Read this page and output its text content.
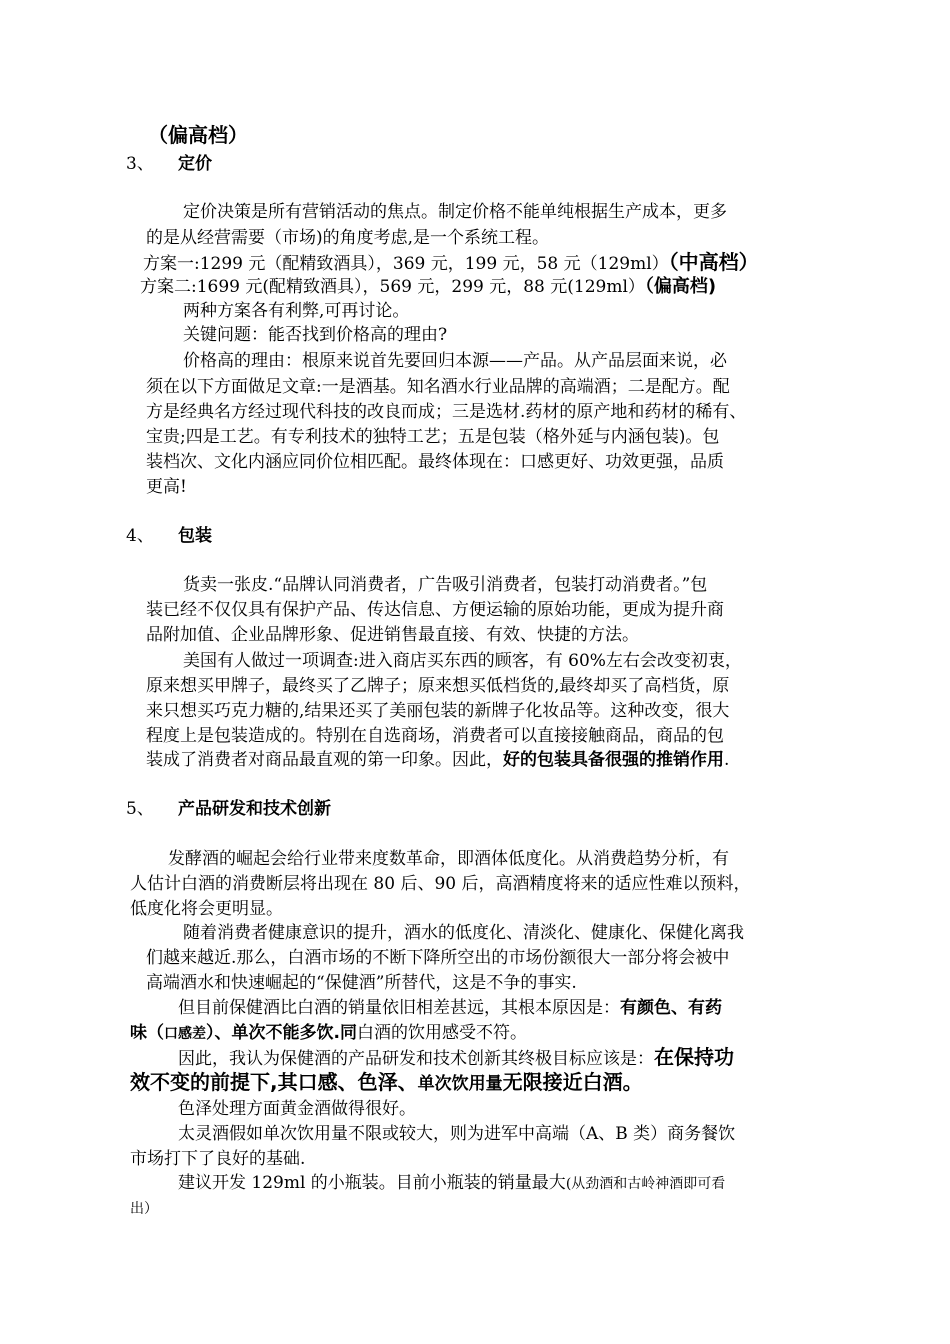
（偏高档）
3、 定价
定价决策是所有营销活动的焦点。制定价格不能单纯根据生产成本，更多
的是从经营需要（市场)的角度考虑,是一个系统工程。
方案一:1299 元（配精致酒具），369 元，199 元，58 元（129ml）（中高档）
方案二:1699 元(配精致酒具），569 元，299 元，88 元(129ml）（偏高档)
两种方案各有利弊,可再讨论。
关键问题：能否找到价格高的理由?
价格高的理由：根原来说首先要回归本源——产品。从产品层面来说，必
须在以下方面做足文章:一是酒基。知名酒水行业品牌的高端酒；二是配方。配
方是经典名方经过现代科技的改良而成；三是选材.药材的原产地和药材的稀有、
宝贵;四是工艺。有专利技术的独特工艺；五是包装（格外延与内涵包装)。包
装档次、文化内涵应同价位相匹配。最终体现在：口感更好、功效更强，品质
更高!
4、 包装
货卖一张皮.“品牌认同消费者，广告吸引消费者，包装打动消费者。”包
装已经不仅仅具有保护产品、传达信息、方便运输的原始功能，更成为提升商
品附加值、企业品牌形象、促进销售最直接、有效、快捷的方法。
美国有人做过一项调查:进入商店买东西的顾客，有 60%左右会改变初衷，
原来想买甲牌子，最终买了乙牌子；原来想买低档货的,最终却买了高档货，原
来只想买巧克力糖的,结果还买了美丽包装的新牌子化妆品等。这种改变，很大
程度上是包装造成的。特别在自选商场，消费者可以直接接触商品，商品的包
装成了消费者对商品最直观的第一印象。因此，好的包装具备很强的推销作用.
5、 产品研发和技术创新
发酵酒的崛起会给行业带来度数革命，即酒体低度化。从消费趋势分析，有
人估计白酒的消费断层将出现在 80 后、90 后，高酒精度将来的适应性难以预料，
低度化将会更明显。
随着消费者健康意识的提升，酒水的低度化、清淡化、健康化、保健化离我
们越来越近.那么，白酒市场的不断下降所空出的市场份额很大一部分将会被中
高端酒水和快速崛起的“保健酒”所替代，这是不争的事实.
但目前保健酒比白酒的销量依旧相差甚远，其根本原因是：有颜色、有药
味（口感差）、单次不能多饮.同白酒的饮用感受不符。
因此，我认为保健酒的产品研发和技术创新其终极目标应该是：在保持功
效不变的前提下,其口感、色泽、单次饮用量无限接近白酒。
色泽处理方面黄金酒做得很好。
太灵酒假如单次饮用量不限或较大，则为进军中高端（A、B 类）商务餐饮
市场打下了良好的基础.
建议开发 129ml 的小瓶装。目前小瓶装的销量最大(从劲酒和古岭神酒即可看
出）
